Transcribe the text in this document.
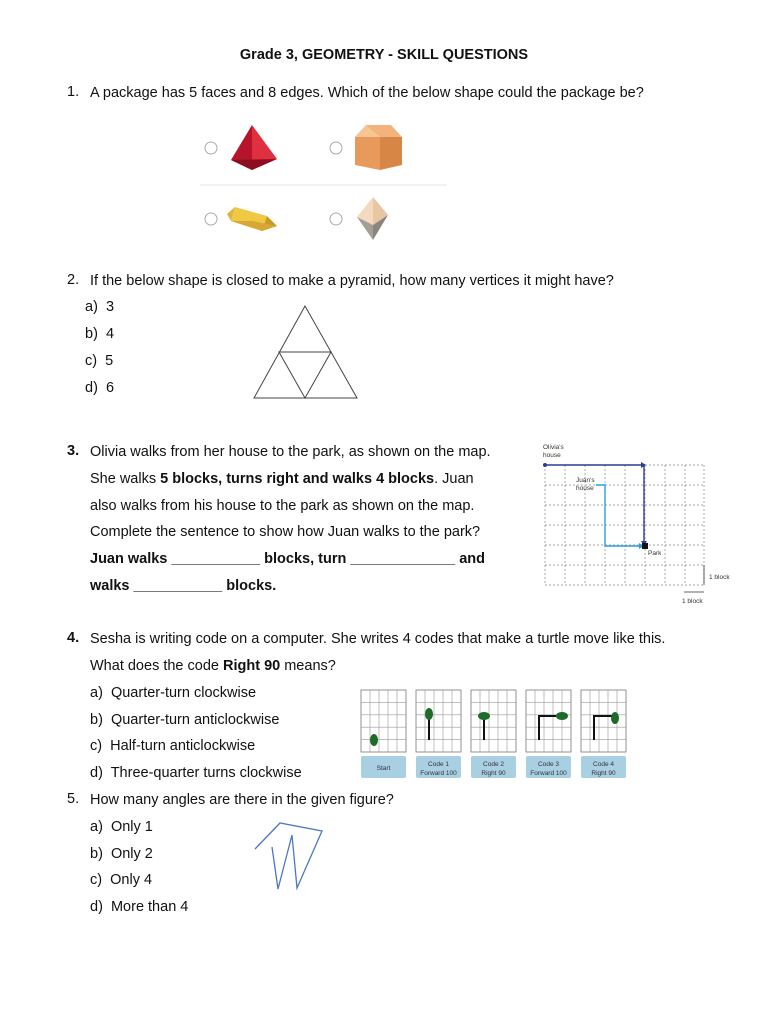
Grade 3, GEOMETRY - SKILL QUESTIONS
1. A package has 5 faces and 8 edges. Which of the below shape could the package be?
2. If the below shape is closed to make a pyramid, how many vertices it might have?
a) 3
b) 4
c) 5
d) 6
3. Olivia walks from her house to the park, as shown on the map.
She walks 5 blocks, turns right and walks 4 blocks. Juan
also walks from his house to the park as shown on the map.
Complete the sentence to show how Juan walks to the park?
Juan walks ___________ blocks, turn _____________ and
walks ___________ blocks.
Olivia's
house
Juan's
house
Park
1 block
1 block
4. Sesha is writing code on a computer. She writes 4 codes that make a turtle move like this.
What does the code Right 90 means?
a) Quarter-turn clockwise
b) Quarter-turn anticlockwise
c) Half-turn anticlockwise
d) Three-quarter turns clockwise	Start
Code 1
Forward 100
Code 2
Right 90
Code 3
Forward 100
Code 4
Right 90
5. How many angles are there in the given figure?
a) Only 1
b) Only 2
c) Only 4
d) More than 4
